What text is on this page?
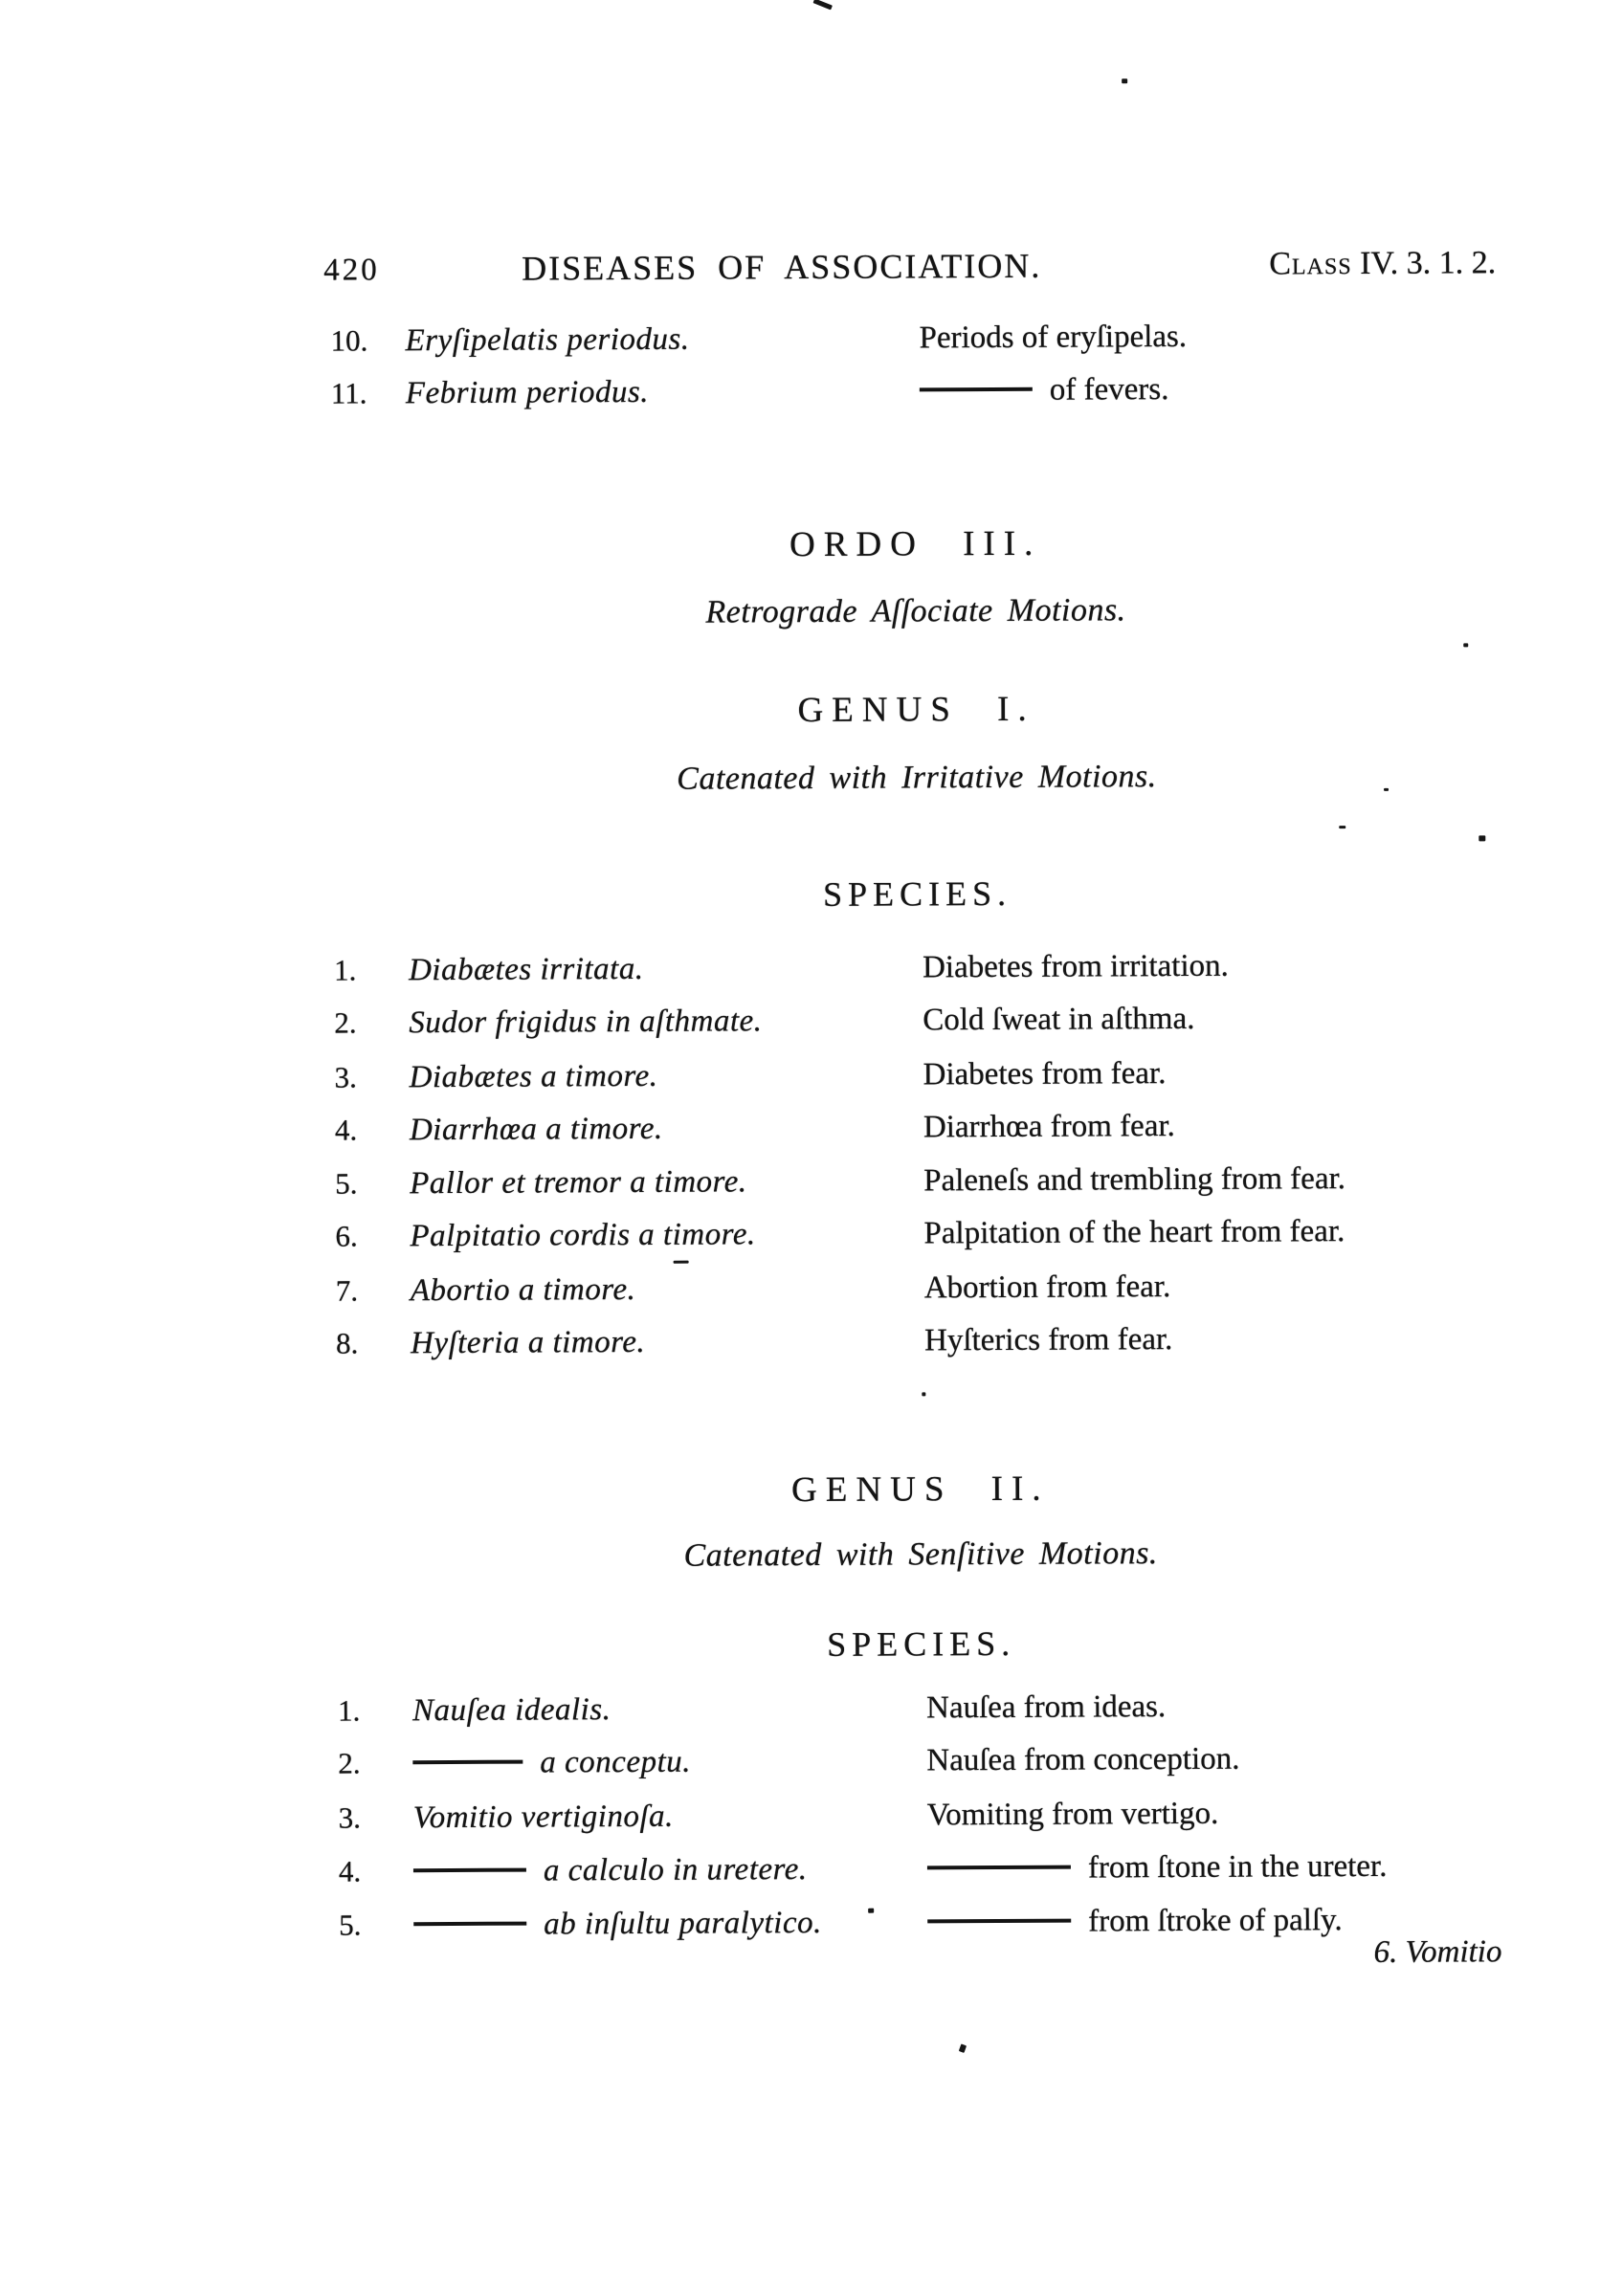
420	DISEASES OF ASSOCIATION.	Class IV. 3. 1. 2.
10. Eryſipelatis periodus.	Periods of eryſipelas.
11. Febrium periodus.	of fevers.
ORDO III.
Retrograde Aſſociate Motions.
GENUS I.
Catenated with Irritative Motions.
SPECIES.
1. Diabætes irritata.	Diabetes from irritation.
2. Sudor frigidus in aſthmate.	Cold ſweat in aſthma.
3. Diabætes a timore.	Diabetes from fear.
4. Diarrhœa a timore.	Diarrhœa from fear.
5. Pallor et tremor a timore.	Paleneſs and trembling from fear.
6. Palpitatio cordis a timore.	Palpitation of the heart from fear.
7. Abortio a timore.	Abortion from fear.
8. Hyſteria a timore.	Hyſterics from fear.
GENUS II.
Catenated with Senſitive Motions.
SPECIES.
1. Nauſea idealis.	Nauſea from ideas.
2.	a conceptu.	Nauſea from conception.
3. Vomitio vertiginoſa.	Vomiting from vertigo.
4.	a calculo in uretere.	from ſtone in the ureter.
5.	ab inſultu paralytico.	from ſtroke of palſy.
6. Vomitio
